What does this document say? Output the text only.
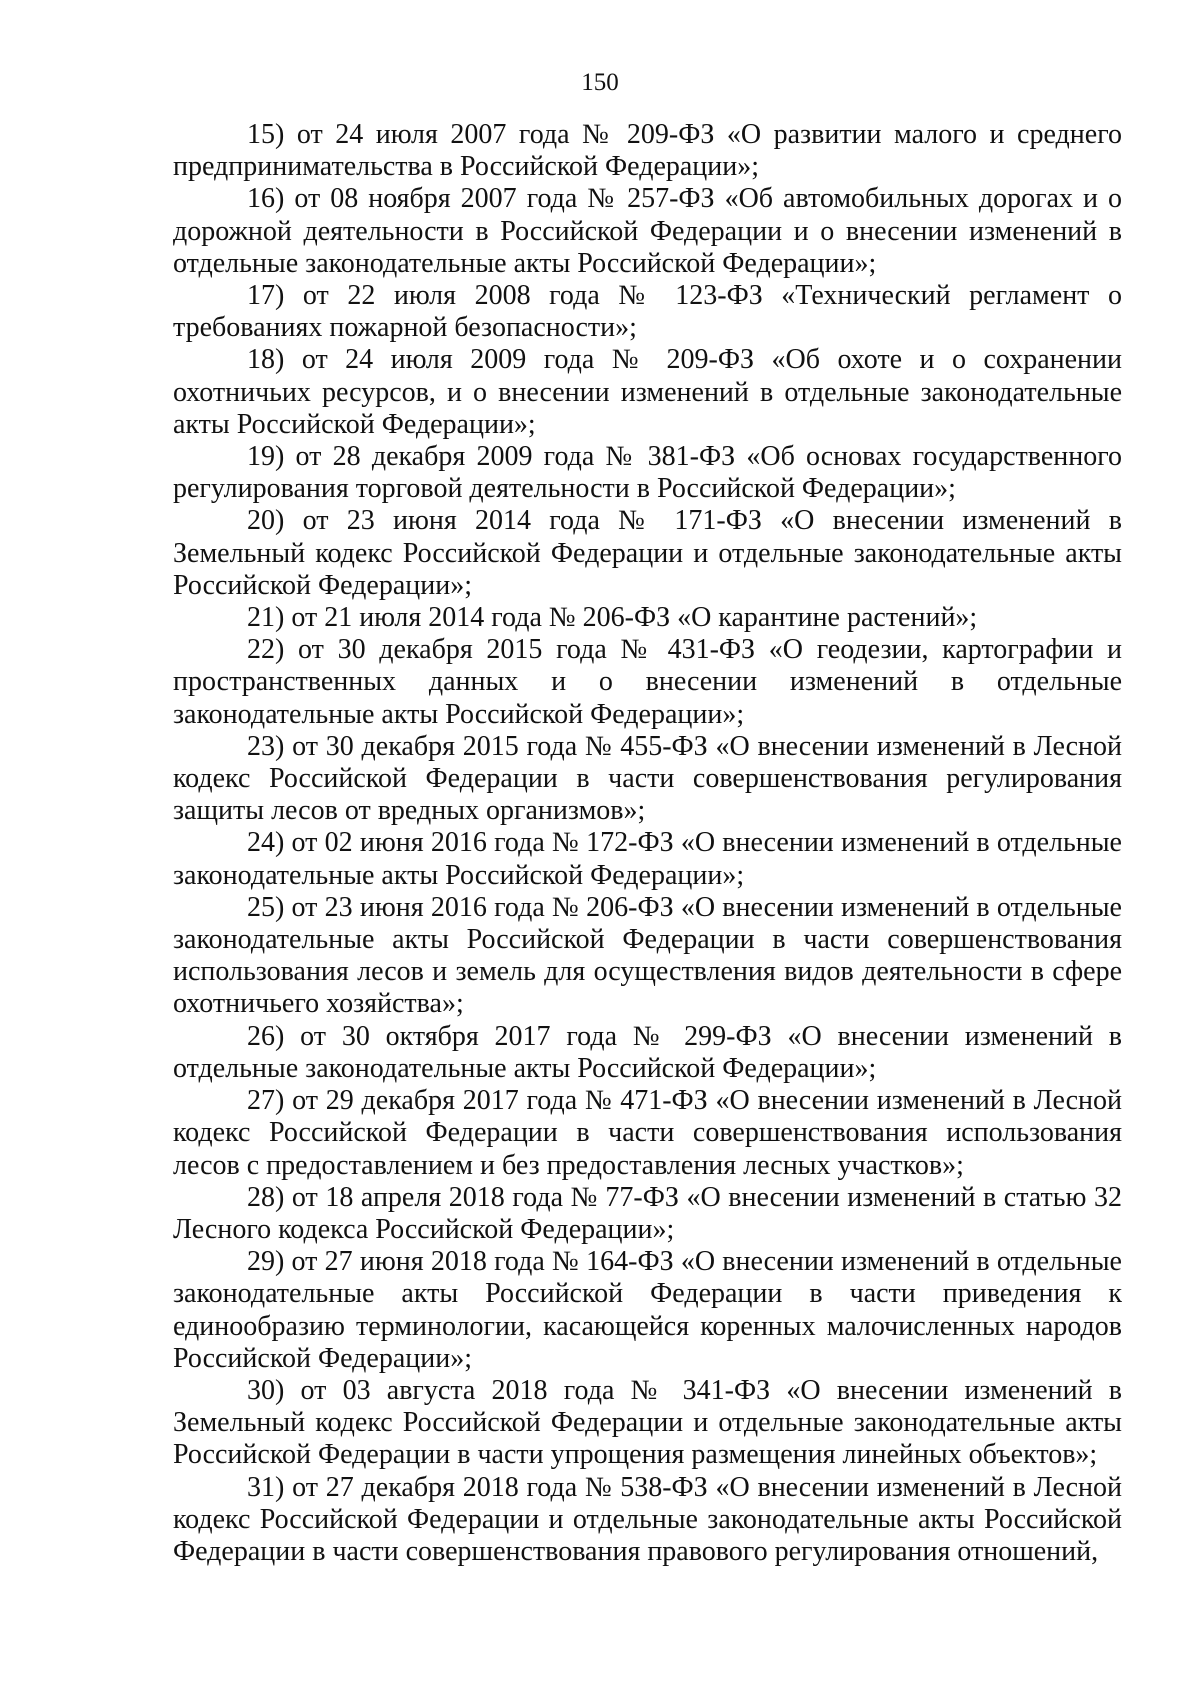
150

15) от 24 июля 2007 года № 209-ФЗ «О развитии малого и среднего предпринимательства в Российской Федерации»;

16) от 08 ноября 2007 года № 257-ФЗ «Об автомобильных дорогах и о дорожной деятельности в Российской Федерации и о внесении изменений в отдельные законодательные акты Российской Федерации»;

17) от 22 июля 2008 года № 123-ФЗ «Технический регламент о требованиях пожарной безопасности»;

18) от 24 июля 2009 года № 209-ФЗ «Об охоте и о сохранении охотничьих ресурсов, и о внесении изменений в отдельные законодательные акты Российской Федерации»;

19) от 28 декабря 2009 года № 381-ФЗ «Об основах государственного регулирования торговой деятельности в Российской Федерации»;

20) от 23 июня 2014 года № 171-ФЗ «О внесении изменений в Земельный кодекс Российской Федерации и отдельные законодательные акты Российской Федерации»;

21) от 21 июля 2014 года № 206-ФЗ «О карантине растений»;

22) от 30 декабря 2015 года № 431-ФЗ «О геодезии, картографии и пространственных данных и о внесении изменений в отдельные законодательные акты Российской Федерации»;

23) от 30 декабря 2015 года № 455-ФЗ «О внесении изменений в Лесной кодекс Российской Федерации в части совершенствования регулирования защиты лесов от вредных организмов»;

24) от 02 июня 2016 года № 172-ФЗ «О внесении изменений в отдельные законодательные акты Российской Федерации»;

25) от 23 июня 2016 года № 206-ФЗ «О внесении изменений в отдельные законодательные акты Российской Федерации в части совершенствования использования лесов и земель для осуществления видов деятельности в сфере охотничьего хозяйства»;

26) от 30 октября 2017 года № 299-ФЗ «О внесении изменений в отдельные законодательные акты Российской Федерации»;

27) от 29 декабря 2017 года № 471-ФЗ «О внесении изменений в Лесной кодекс Российской Федерации в части совершенствования использования лесов с предоставлением и без предоставления лесных участков»;

28) от 18 апреля 2018 года № 77-ФЗ «О внесении изменений в статью 32 Лесного кодекса Российской Федерации»;

29) от 27 июня 2018 года № 164-ФЗ «О внесении изменений в отдельные законодательные акты Российской Федерации в части приведения к единообразию терминологии, касающейся коренных малочисленных народов Российской Федерации»;

30) от 03 августа 2018 года № 341-ФЗ «О внесении изменений в Земельный кодекс Российской Федерации и отдельные законодательные акты Российской Федерации в части упрощения размещения линейных объектов»;

31) от 27 декабря 2018 года № 538-ФЗ «О внесении изменений в Лесной кодекс Российской Федерации и отдельные законодательные акты Российской Федерации в части совершенствования правового регулирования отношений,
